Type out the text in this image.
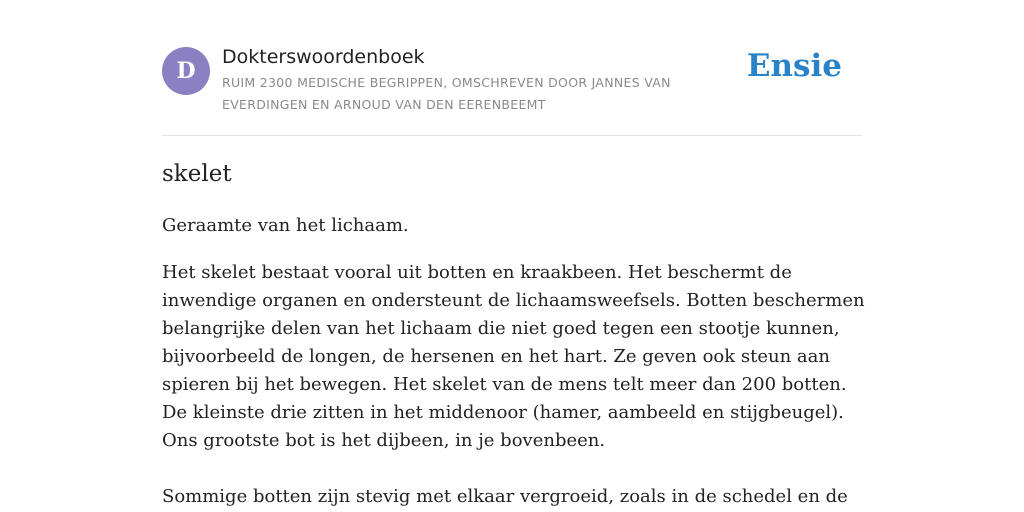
D
Dokterswoordenboek
RUIM 2300 MEDISCHE BEGRIPPEN, OMSCHREVEN DOOR JANNES VAN EVERDINGEN EN ARNOUD VAN DEN EERENBEEMT
Ensie
skelet

Geraamte van het lichaam.

Het skelet bestaat vooral uit botten en kraakbeen. Het beschermt de inwendige organen en ondersteunt de lichaamsweefsels. Botten beschermen belangrijke delen van het lichaam die niet goed tegen een stootje kunnen, bijvoorbeeld de longen, de hersenen en het hart. Ze geven ook steun aan spieren bij het bewegen. Het skelet van de mens telt meer dan 200 botten. De kleinste drie zitten in het middenoor (hamer, aambeeld en stijgbeugel). Ons grootste bot is het dijbeen, in je bovenbeen.

Sommige botten zijn stevig met elkaar vergroeid, zoals in de schedel en de
